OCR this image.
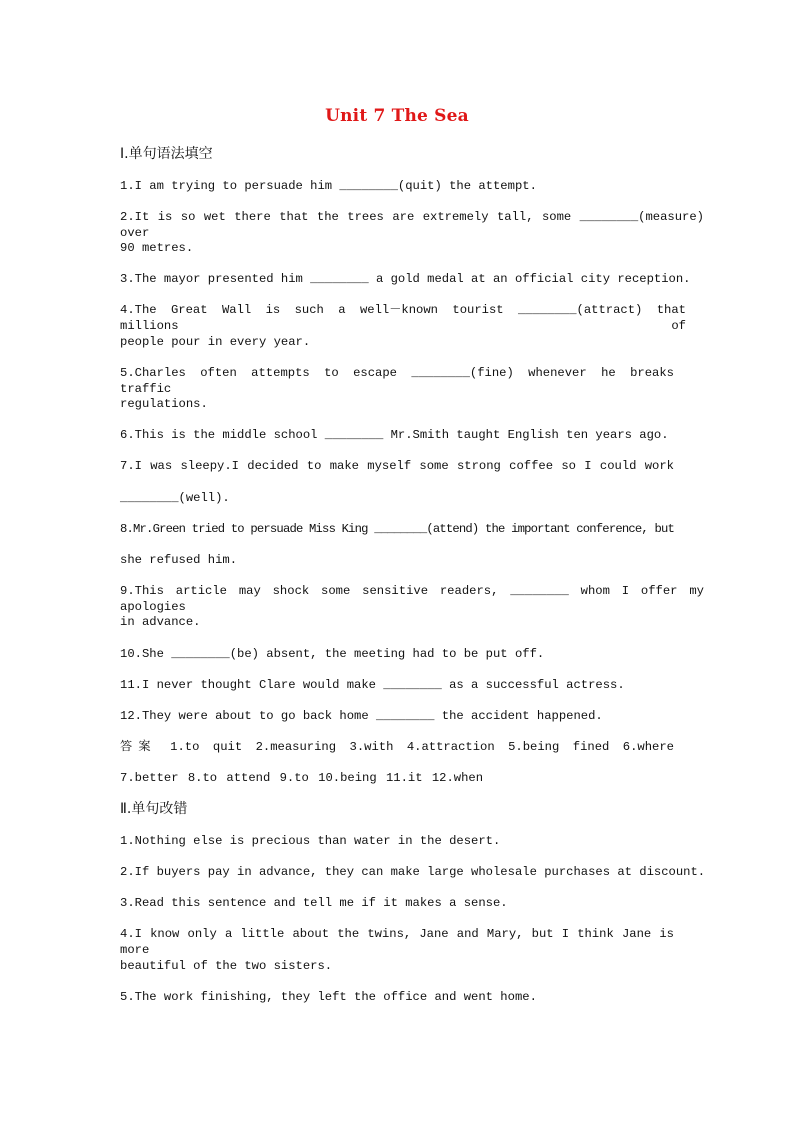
Unit 7 The Sea
Ⅰ.单句语法填空
1.I am trying to persuade him ________(quit) the attempt.
2.It is so wet there that the trees are extremely tall, some ________(measure) over
90 metres.
3.The mayor presented him ________ a gold medal at an official city reception.
4.The Great Wall is such a well－known tourist ________(attract) that millions of
people pour in every year.
5.Charles often attempts to escape ________(fine) whenever he breaks traffic
regulations.
6.This is the middle school ________ Mr.Smith taught English ten years ago.
7.I was sleepy.I decided to make myself some strong coffee so I could work
________(well).
8.Mr.Green tried to persuade Miss King ________(attend) the important conference, but
she refused him.
9.This article may shock some sensitive readers, ________ whom I offer my apologies
in advance.
10.She ________(be) absent, the meeting had to be put off.
11.I never thought Clare would make ________ as a successful actress.
12.They were about to go back home ________ the accident happened.
答案 1.to quit 2.measuring 3.with 4.attraction 5.being fined 6.where
7.better 8.to attend 9.to 10.being 11.it 12.when
Ⅱ.单句改错
1.Nothing else is precious than water in the desert.
2.If buyers pay in advance, they can make large wholesale purchases at discount.
3.Read this sentence and tell me if it makes a sense.
4.I know only a little about the twins, Jane and Mary, but I think Jane is more
beautiful of the two sisters.
5.The work finishing, they left the office and went home.
